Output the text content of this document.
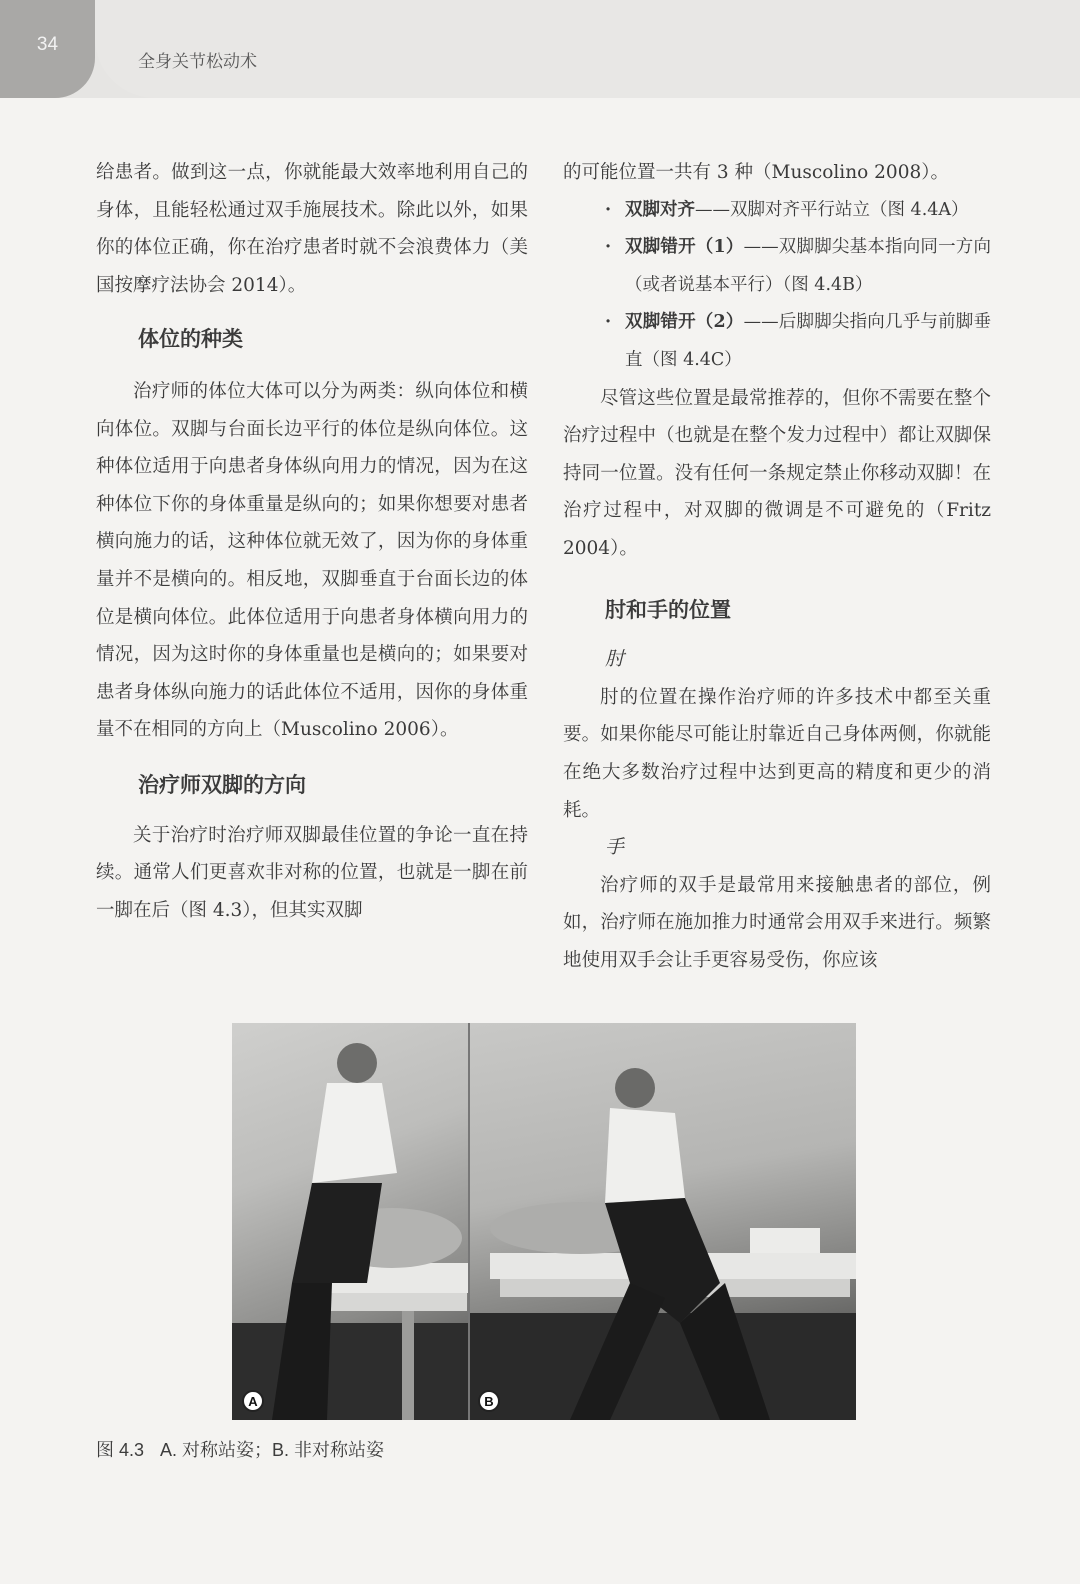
34
全身关节松动术

给患者。做到这一点，你就能最大效率地利用自己的身体，且能轻松通过双手施展技术。除此以外，如果你的体位正确，你在治疗患者时就不会浪费体力（美国按摩疗法协会 2014）。

体位的种类

治疗师的体位大体可以分为两类：纵向体位和横向体位。双脚与台面长边平行的体位是纵向体位。这种体位适用于向患者身体纵向用力的情况，因为在这种体位下你的身体重量是纵向的；如果你想要对患者横向施力的话，这种体位就无效了，因为你的身体重量并不是横向的。相反地，双脚垂直于台面长边的体位是横向体位。此体位适用于向患者身体横向用力的情况，因为这时你的身体重量也是横向的；如果要对患者身体纵向施力的话此体位不适用，因你的身体重量不在相同的方向上（Muscolino 2006）。

治疗师双脚的方向

关于治疗时治疗师双脚最佳位置的争论一直在持续。通常人们更喜欢非对称的位置，也就是一脚在前一脚在后（图 4.3），但其实双脚

的可能位置一共有 3 种（Muscolino 2008）。

· 双脚对齐——双脚对齐平行站立（图 4.4A）
· 双脚错开（1）——双脚脚尖基本指向同一方向（或者说基本平行）（图 4.4B）
· 双脚错开（2）——后脚脚尖指向几乎与前脚垂直（图 4.4C）

尽管这些位置是最常推荐的，但你不需要在整个治疗过程中（也就是在整个发力过程中）都让双脚保持同一位置。没有任何一条规定禁止你移动双脚！在治疗过程中，对双脚的微调是不可避免的（Fritz 2004）。

肘和手的位置

肘

肘的位置在操作治疗师的许多技术中都至关重要。如果你能尽可能让肘靠近自己身体两侧，你就能在绝大多数治疗过程中达到更高的精度和更少的消耗。

手

治疗师的双手是最常用来接触患者的部位，例如，治疗师在施加推力时通常会用双手来进行。频繁地使用双手会让手更容易受伤，你应该

A	B
图 4.3 A. 对称站姿；B. 非对称站姿
